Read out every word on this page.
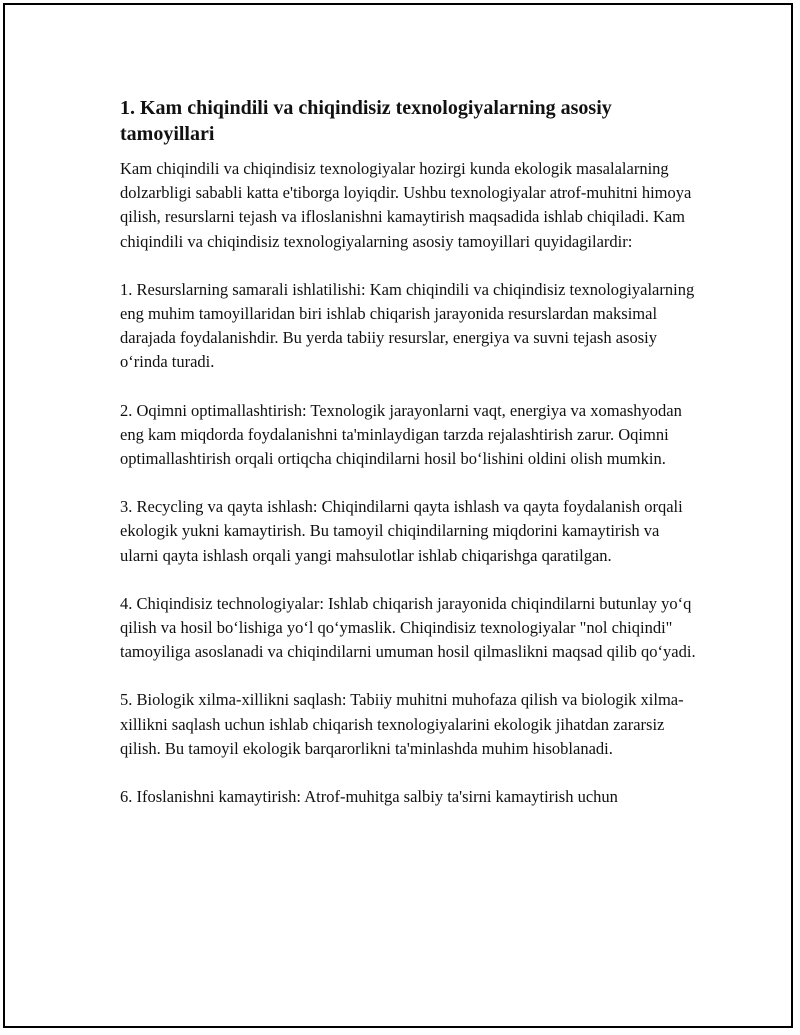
1. Kam chiqindili va chiqindisiz texnologiyalarning asosiy tamoyillari

Kam chiqindili va chiqindisiz texnologiyalar hozirgi kunda ekologik masalalarning dolzarbligi sababli katta e'tiborga loyiqdir. Ushbu texnologiyalar atrof-muhitni himoya qilish, resurslarni tejash va ifloslanishni kamaytirish maqsadida ishlab chiqiladi. Kam chiqindili va chiqindisiz texnologiyalarning asosiy tamoyillari quyidagilardir:

1. Resurslarning samarali ishlatilishi: Kam chiqindili va chiqindisiz texnologiyalarning eng muhim tamoyillaridan biri ishlab chiqarish jarayonida resurslardan maksimal darajada foydalanishdir. Bu yerda tabiiy resurslar, energiya va suvni tejash asosiy o‘rinda turadi.

2. Oqimni optimallashtirish: Texnologik jarayonlarni vaqt, energiya va xomashyodan eng kam miqdorda foydalanishni ta'minlaydigan tarzda rejalashtirish zarur. Oqimni optimallashtirish orqali ortiqcha chiqindilarni hosil bo‘lishini oldini olish mumkin.

3. Recycling va qayta ishlash: Chiqindilarni qayta ishlash va qayta foydalanish orqali ekologik yukni kamaytirish. Bu tamoyil chiqindilarning miqdorini kamaytirish va ularni qayta ishlash orqali yangi mahsulotlar ishlab chiqarishga qaratilgan.

4. Chiqindisiz technologiyalar: Ishlab chiqarish jarayonida chiqindilarni butunlay yo‘q qilish va hosil bo‘lishiga yo‘l qo‘ymaslik. Chiqindisiz texnologiyalar "nol chiqindi" tamoyiliga asoslanadi va chiqindilarni umuman hosil qilmaslikni maqsad qilib qo‘yadi.

5. Biologik xilma-xillikni saqlash: Tabiiy muhitni muhofaza qilish va biologik xilma-xillikni saqlash uchun ishlab chiqarish texnologiyalarini ekologik jihatdan zararsiz qilish. Bu tamoyil ekologik barqarorlikni ta'minlashda muhim hisoblanadi.

6. Ifoslanishni kamaytirish: Atrof-muhitga salbiy ta'sirni kamaytirish uchun
